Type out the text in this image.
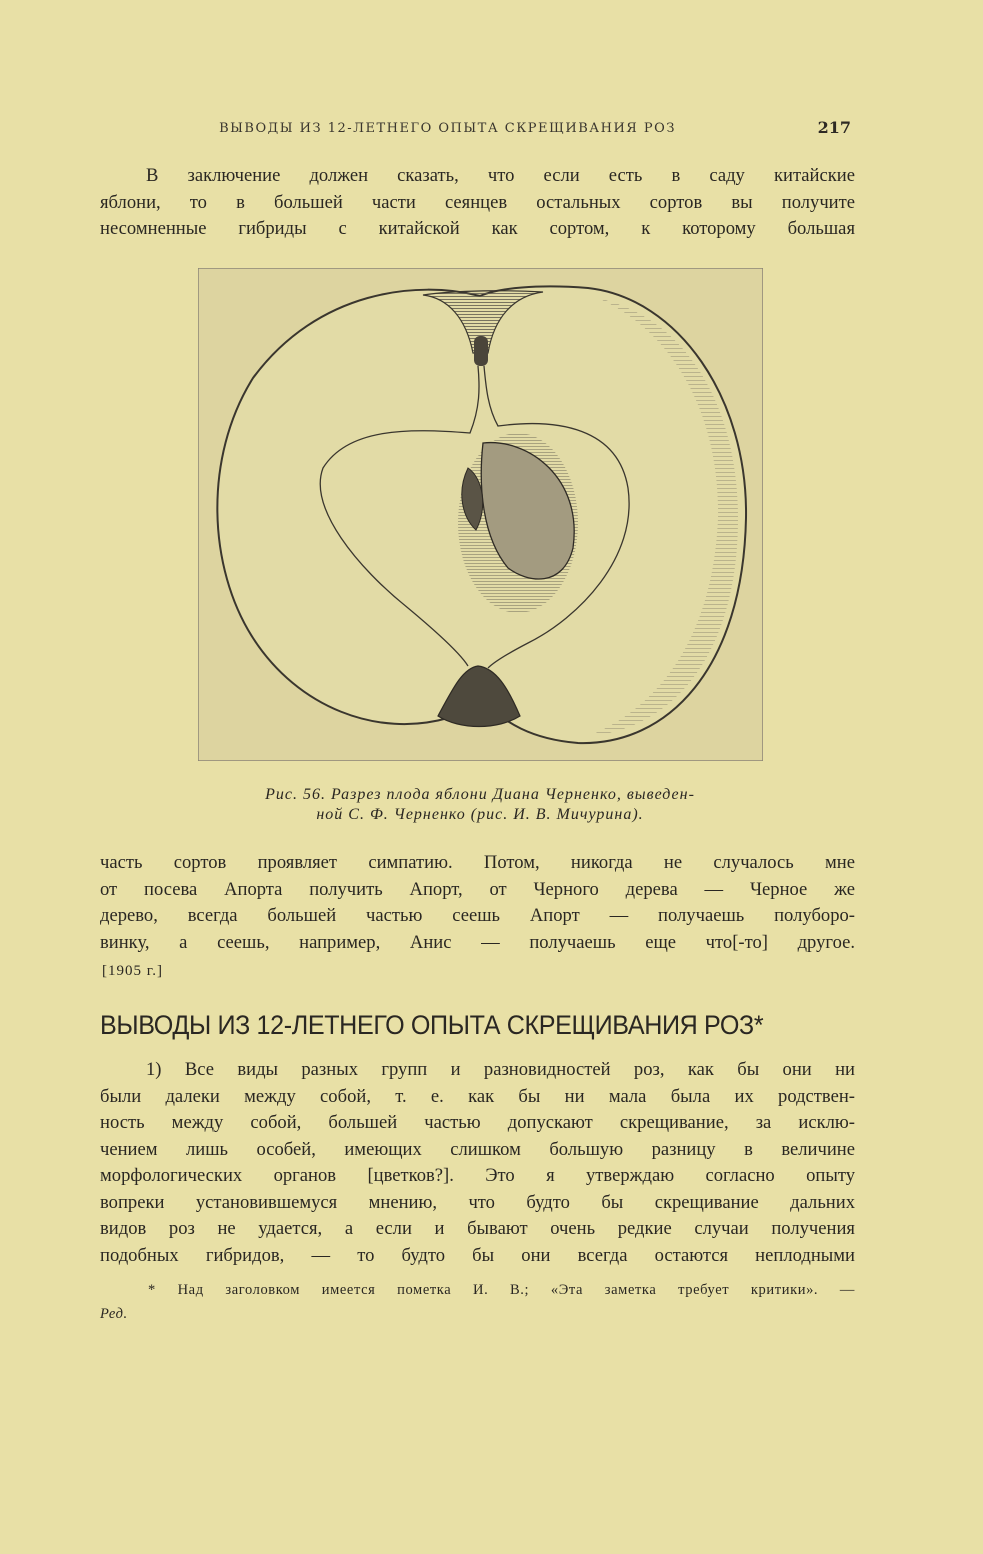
ВЫВОДЫ ИЗ 12-ЛЕТНЕГО ОПЫТА СКРЕЩИВАНИЯ РОЗ	217
В заключение должен сказать, что если есть в саду китайские
яблони, то в большей части сеянцев остальных сортов вы получите
несомненные гибриды с китайской как сортом, к которому большая
Рис. 56. Разрез плода яблони Диана Черненко, выведен-
ной С. Ф. Черненко (рис. И. В. Мичурина).
часть сортов проявляет симпатию. Потом, никогда не случалось мне
от посева Апорта получить Апорт, от Черного дерева — Черное же
дерево, всегда большей частью сеешь Апорт — получаешь полуборо-
винку, а сеешь, например, Анис — получаешь еще что[-то] другое.
[1905 г.]
ВЫВОДЫ ИЗ 12-ЛЕТНЕГО ОПЫТА СКРЕЩИВАНИЯ РОЗ*
1) Все виды разных групп и разновидностей роз, как бы они ни
были далеки между собой, т. е. как бы ни мала была их родствен-
ность между собой, большей частью допускают скрещивание, за исклю-
чением лишь особей, имеющих слишком большую разницу в величине
морфологических органов [цветков?]. Это я утверждаю согласно опыту
вопреки установившемуся мнению, что будто бы скрещивание дальних
видов роз не удается, а если и бывают очень редкие случаи получения
подобных гибридов, — то будто бы они всегда остаются неплодными
* Над заголовком имеется пометка И. В.; «Эта заметка требует критики». —
Ред.
